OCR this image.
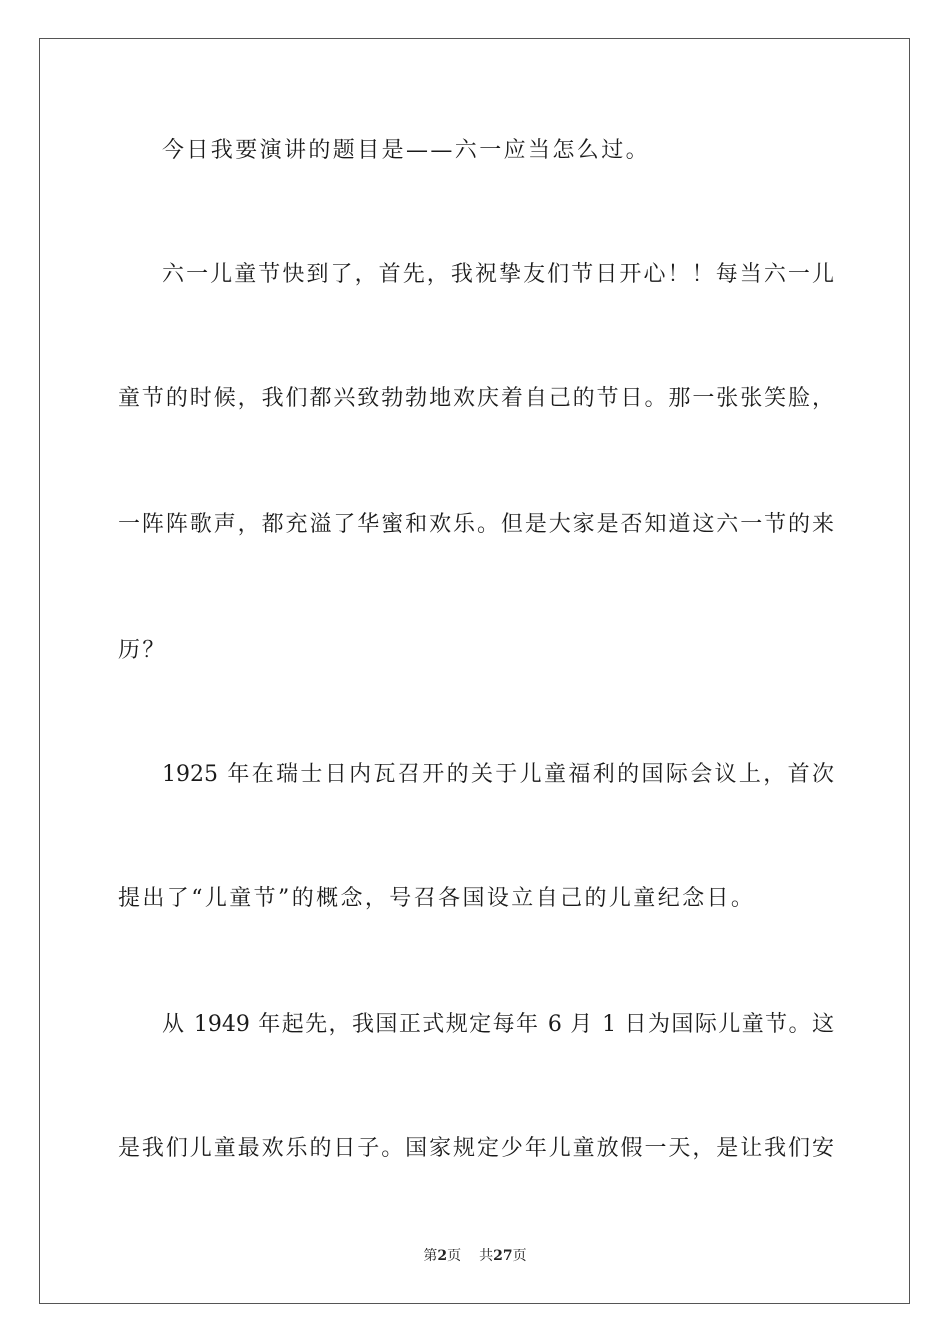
今日我要演讲的题目是——六一应当怎么过。
六一儿童节快到了，首先，我祝挚友们节日开心！！每当六一儿
童节的时候，我们都兴致勃勃地欢庆着自己的节日。那一张张笑脸，
一阵阵歌声，都充溢了华蜜和欢乐。但是大家是否知道这六一节的来
历？
1925 年在瑞士日内瓦召开的关于儿童福利的国际会议上，首次
提出了“儿童节”的概念，号召各国设立自己的儿童纪念日。
从 1949 年起先，我国正式规定每年 6 月 1 日为国际儿童节。这
是我们儿童最欢乐的日子。国家规定少年儿童放假一天，是让我们安
第2页 共27页
